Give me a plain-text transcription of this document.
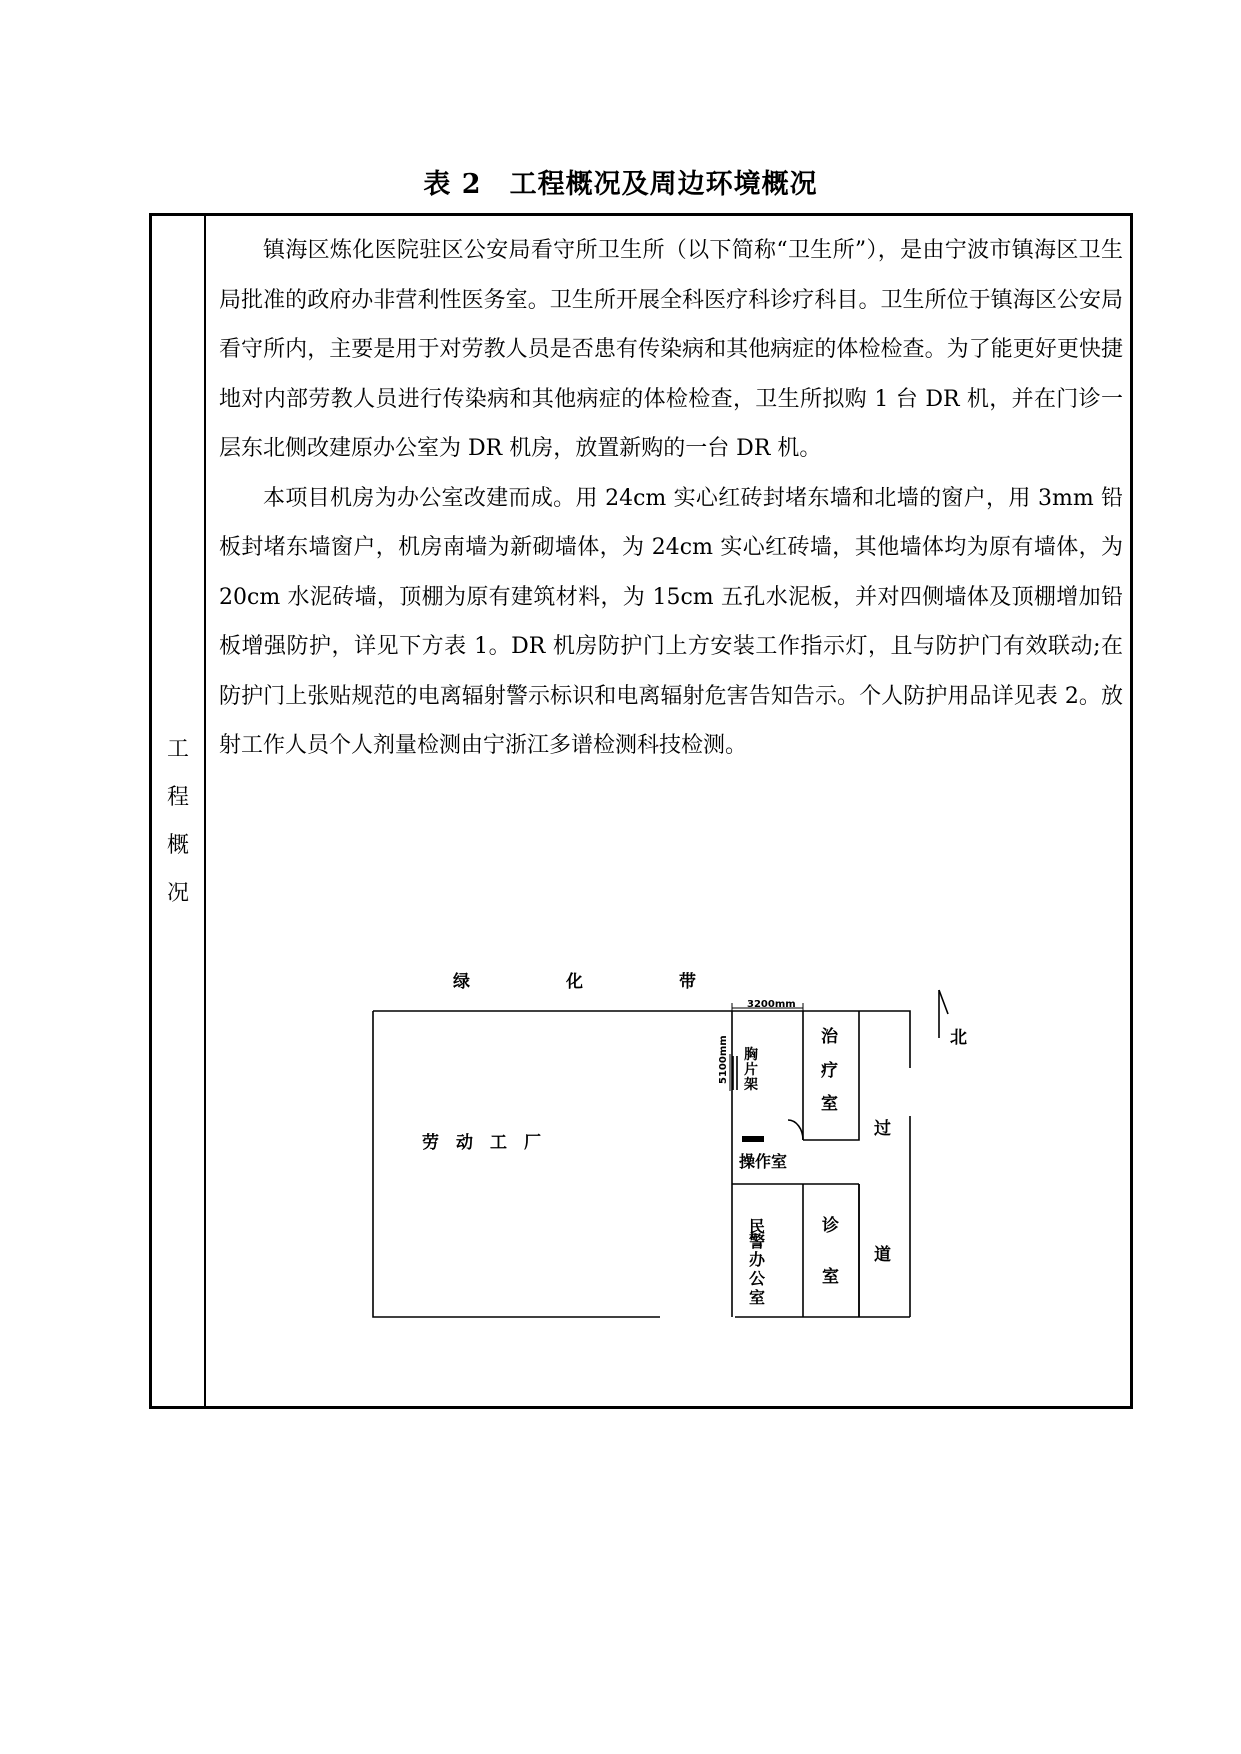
表 2　工程概况及周边环境概况
工
程
概
况

镇海区炼化医院驻区公安局看守所卫生所（以下简称“卫生所”），是由宁波市镇海区卫生局批准的政府办非营利性医务室。卫生所开展全科医疗科诊疗科目。卫生所位于镇海区公安局看守所内，主要是用于对劳教人员是否患有传染病和其他病症的体检检查。为了能更好更快捷地对内部劳教人员进行传染病和其他病症的体检检查，卫生所拟购 1 台 DR 机，并在门诊一层东北侧改建原办公室为 DR 机房，放置新购的一台 DR 机。

本项目机房为办公室改建而成。用 24cm 实心红砖封堵东墙和北墙的窗户，用 3mm 铅板封堵东墙窗户，机房南墙为新砌墙体，为 24cm 实心红砖墙，其他墙体均为原有墙体，为 20cm 水泥砖墙，顶棚为原有建筑材料，为 15cm 五孔水泥板，并对四侧墙体及顶棚增加铅板增强防护，详见下方表 1。DR 机房防护门上方安装工作指示灯，且与防护门有效联动;在防护门上张贴规范的电离辐射警示标识和电离辐射危害告知告示。个人防护用品详见表 2。放射工作人员个人剂量检测由宁浙江多谱检测科技检测。

绿	化	带
3200mm
5100mm 胸
片
架
治
疗
室
劳　动　工　厂
操作室
民
警
办
公
室
诊
室
过
道
北
